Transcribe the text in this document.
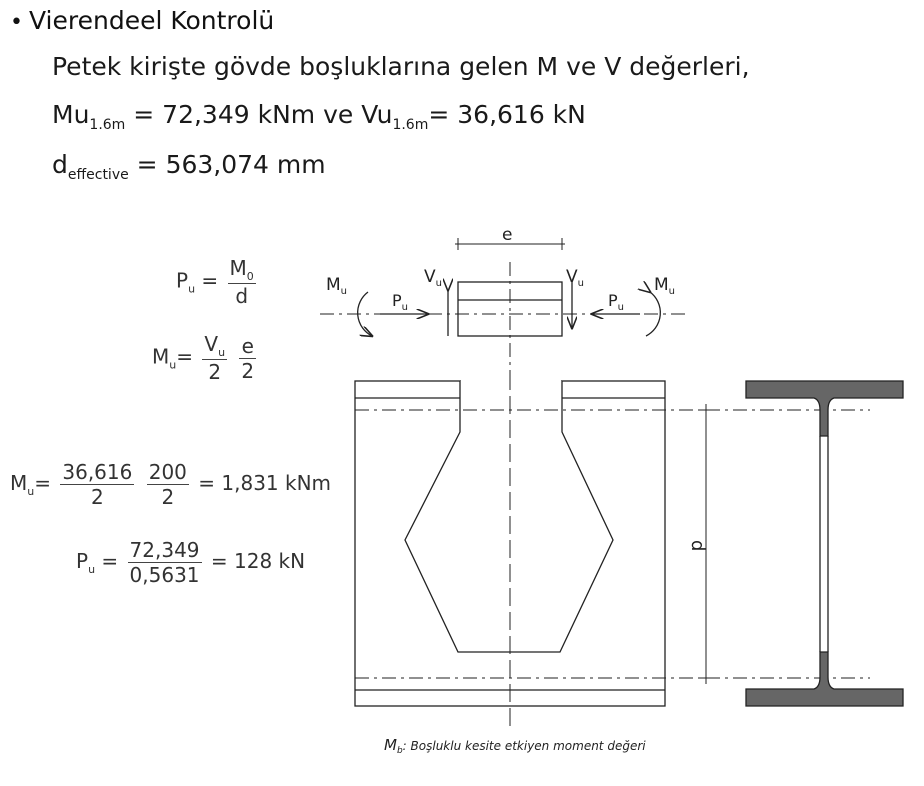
• Vierendeel Kontrolü
Petek kirişte gövde boşluklarına gelen M ve V değerleri,
$Mu_{1.6m} = 72,349$ kNm ve $Vu_{1.6m}= 36,616$ kN
$d_{effective} = 563,074$ mm
$P_u = \frac{M_0}{d}$
$M_u= \frac{V_u}{2}$
$\frac{e}{2}$
$M_u= \frac{36,616}{2}$
$\frac{200}{2} = 1,831$ kNm
$P_u = \frac{72,349}{0,5631} = 128$ kN
e
d
$M_u$	$M_u$
$V_u$	$V_u$
$P_u$	$P_u$
$M_b$: Boşluklu kesite etkiyen moment değeri
